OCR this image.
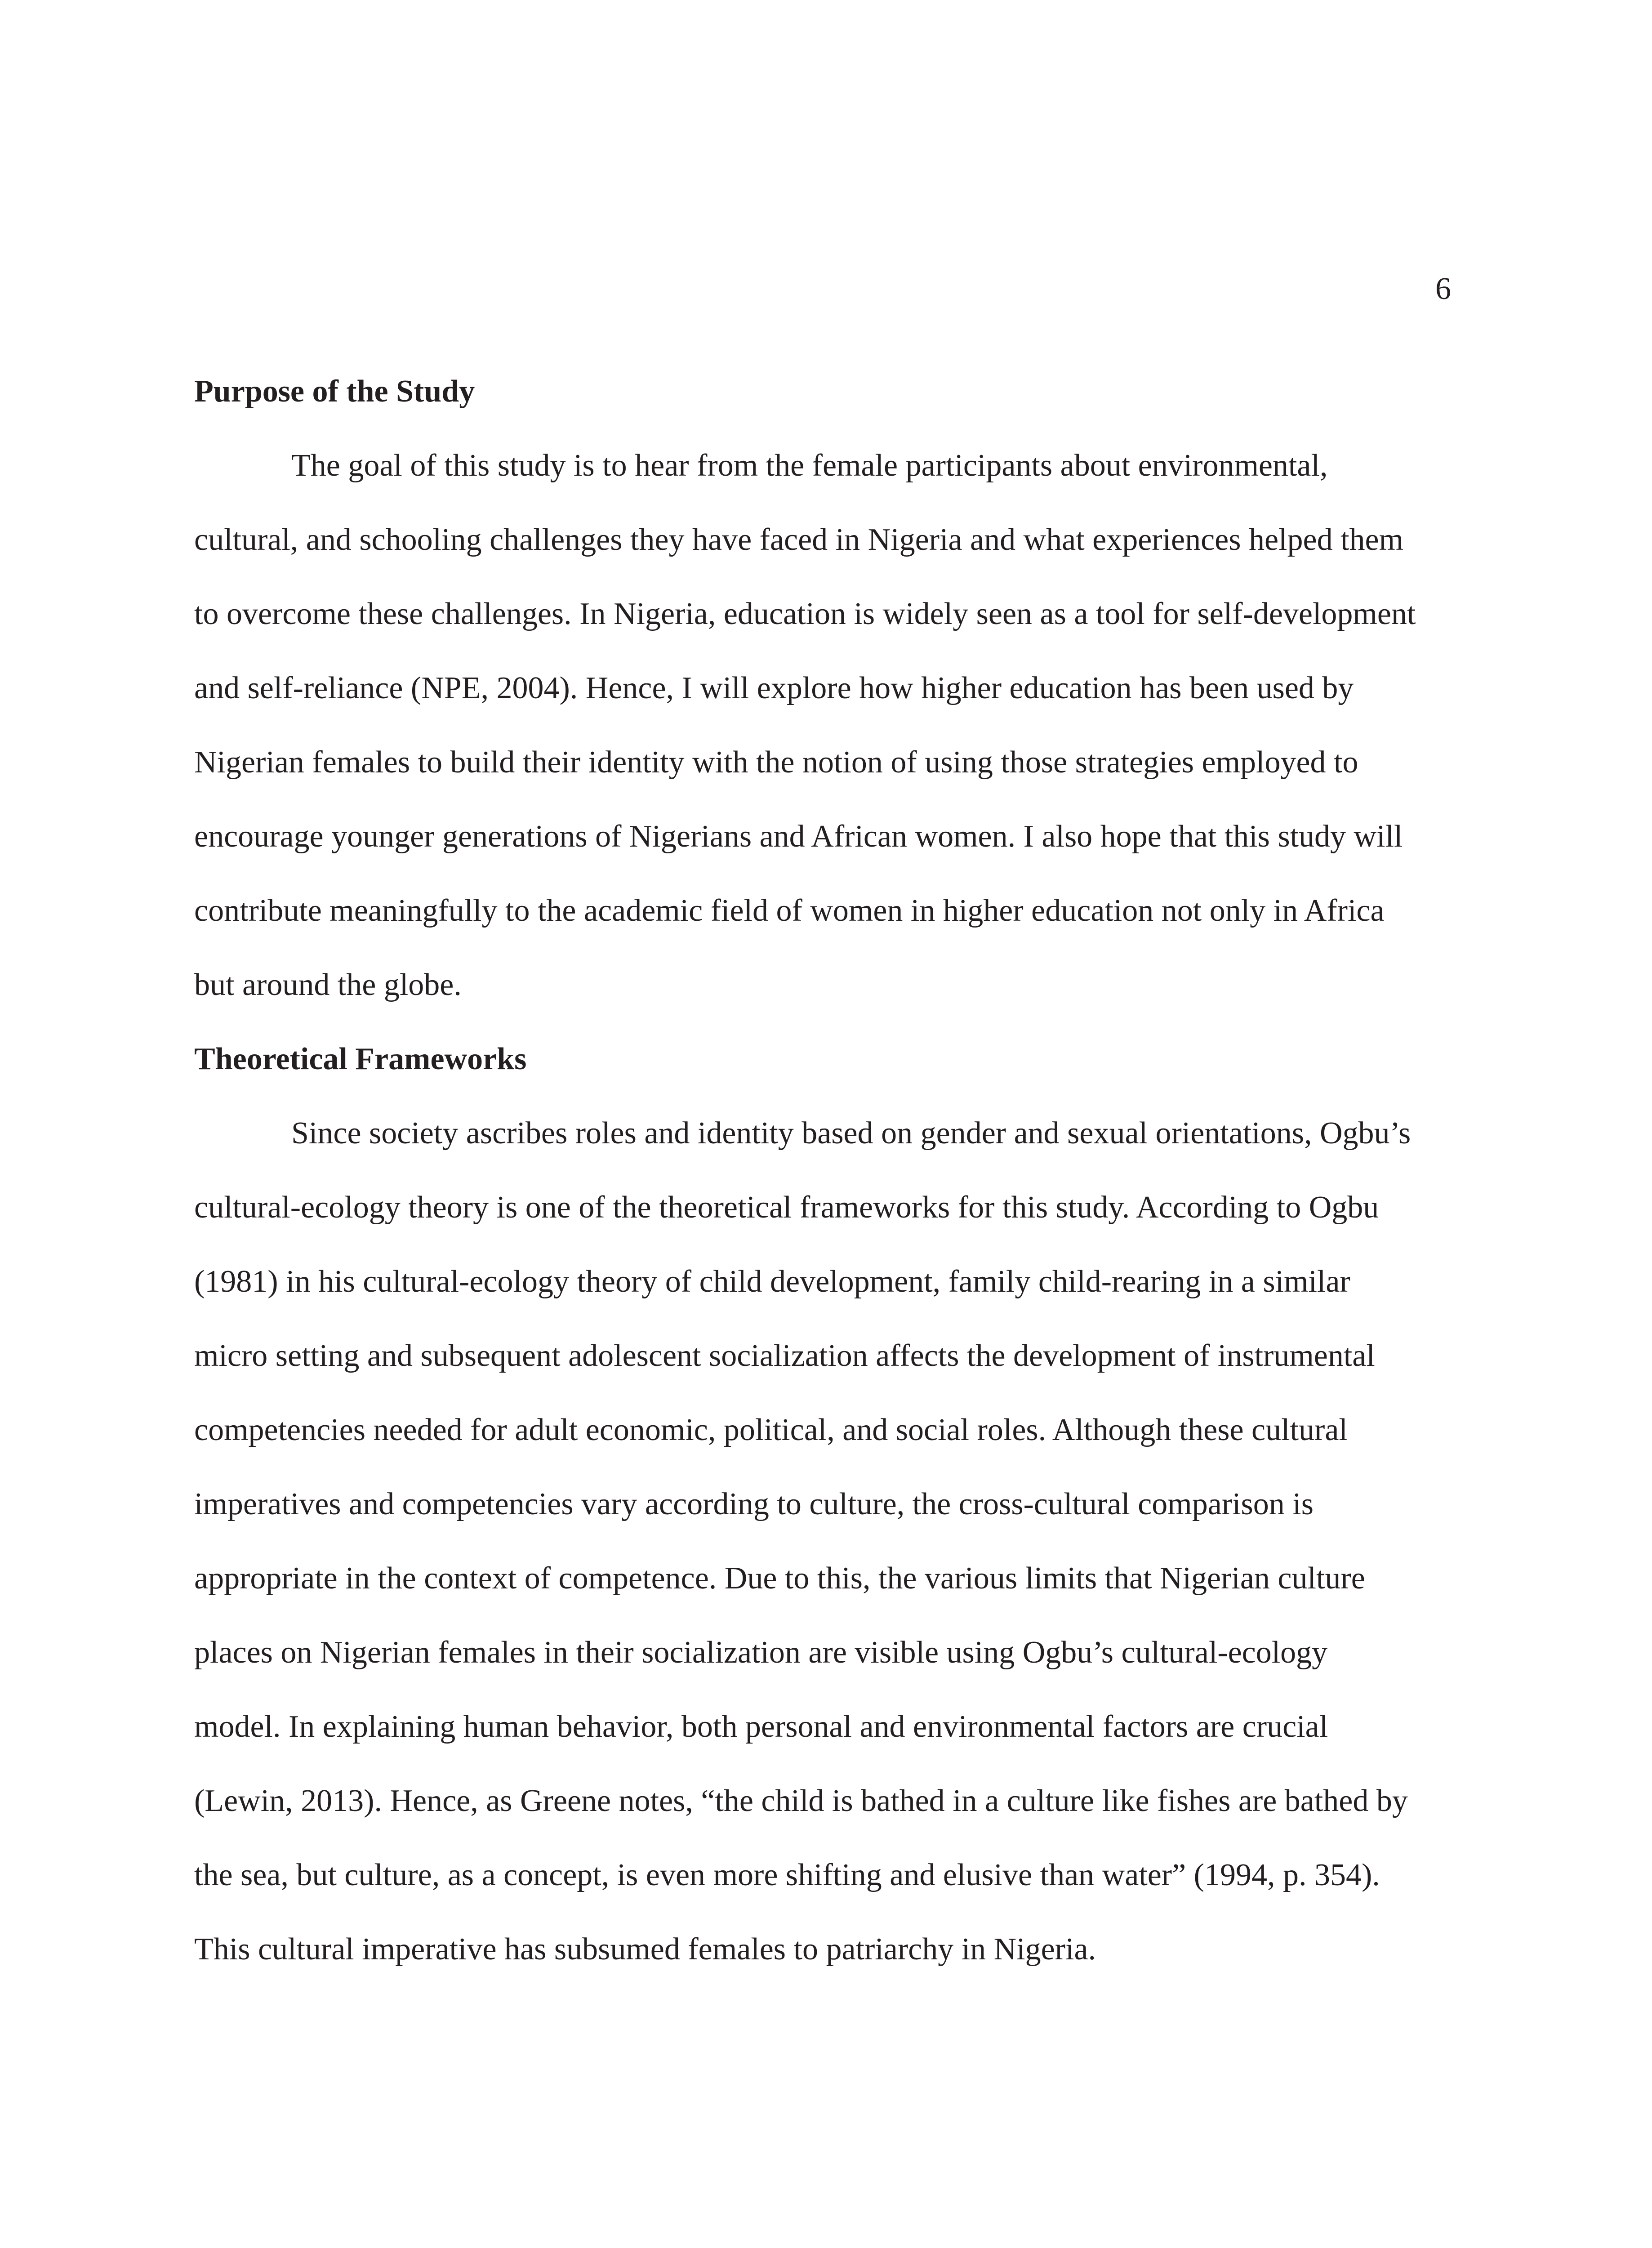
6
Purpose of the Study
The goal of this study is to hear from the female participants about environmental,
cultural, and schooling challenges they have faced in Nigeria and what experiences helped them
to overcome these challenges. In Nigeria, education is widely seen as a tool for self-development
and self-reliance (NPE, 2004). Hence, I will explore how higher education has been used by
Nigerian females to build their identity with the notion of using those strategies employed to
encourage younger generations of Nigerians and African women. I also hope that this study will
contribute meaningfully to the academic field of women in higher education not only in Africa
but around the globe.
Theoretical Frameworks
Since society ascribes roles and identity based on gender and sexual orientations, Ogbu’s
cultural-ecology theory is one of the theoretical frameworks for this study. According to Ogbu
(1981) in his cultural-ecology theory of child development, family child-rearing in a similar
micro setting and subsequent adolescent socialization affects the development of instrumental
competencies needed for adult economic, political, and social roles. Although these cultural
imperatives and competencies vary according to culture, the cross-cultural comparison is
appropriate in the context of competence. Due to this, the various limits that Nigerian culture
places on Nigerian females in their socialization are visible using Ogbu’s cultural-ecology
model. In explaining human behavior, both personal and environmental factors are crucial
(Lewin, 2013). Hence, as Greene notes, “the child is bathed in a culture like fishes are bathed by
the sea, but culture, as a concept, is even more shifting and elusive than water” (1994, p. 354).
This cultural imperative has subsumed females to patriarchy in Nigeria.
